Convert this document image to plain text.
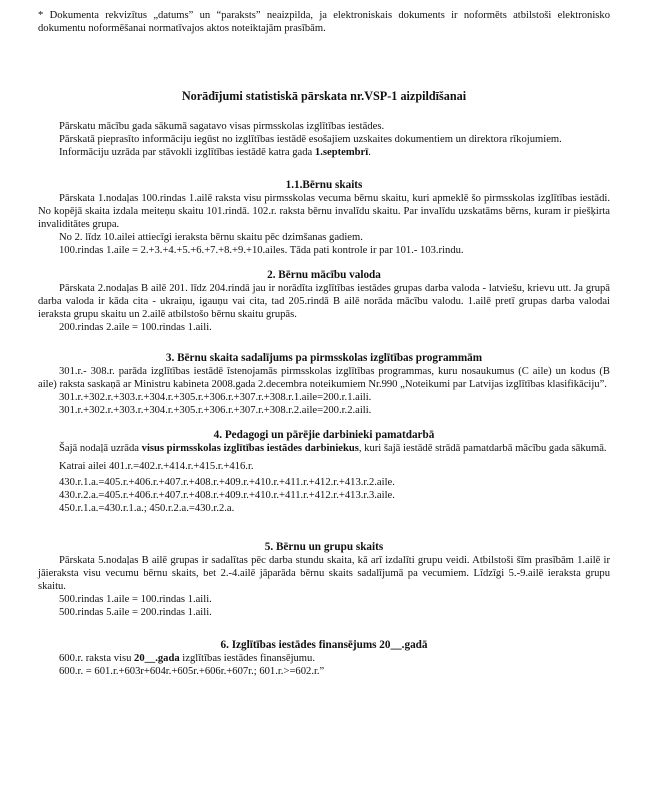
* Dokumenta rekvizītus „datums” un “paraksts” neaizpilda, ja elektroniskais dokuments ir noformēts atbilstoši elektronisko dokumentu noformēšanai normatīvajos aktos noteiktajām prasībām.

Norādījumi statistiskā pārskata nr.VSP-1 aizpildīšanai

Pārskatu mācību gada sākumā sagatavo visas pirmsskolas izglītības iestādes.

Pārskatā pieprasīto informāciju iegūst no izglītības iestādē esošajiem uzskaites dokumentiem un direktora rīkojumiem.

Informāciju uzrāda par stāvokli izglītības iestādē katra gada 1.septembrī.

1.1.Bērnu skaits

Pārskata 1.nodaļas 100.rindas 1.ailē raksta visu pirmsskolas vecuma bērnu skaitu, kuri apmeklē šo pirmsskolas izglītības iestādi. No kopējā skaita izdala meiteņu skaitu 101.rindā. 102.r. raksta bērnu invalīdu skaitu. Par invalīdu uzskatāms bērns, kuram ir piešķirta invaliditātes grupa.

No 2. līdz 10.ailei attiecīgi ieraksta bērnu skaitu pēc dzimšanas gadiem.

100.rindas 1.aile = 2.+3.+4.+5.+6.+7.+8.+9.+10.ailes. Tāda pati kontrole ir par 101.- 103.rindu.

2. Bērnu mācību valoda

Pārskata 2.nodaļas B ailē 201. līdz 204.rindā jau ir norādīta izglītības iestādes grupas darba valoda - latviešu, krievu utt. Ja grupā darba valoda ir kāda cita - ukraiņu, igauņu vai cita, tad 205.rindā B ailē norāda mācību valodu. 1.ailē pretī grupas darba valodai ieraksta grupu skaitu un 2.ailē atbilstošo bērnu skaitu grupās.

200.rindas 2.aile = 100.rindas 1.aili.

3. Bērnu skaita sadalījums pa pirmsskolas izglītības programmām

301.r.- 308.r. parāda izglītības iestādē īstenojamās pirmsskolas izglītības programmas, kuru nosaukumus (C aile) un kodus (B aile) raksta saskaņā ar Ministru kabineta 2008.gada 2.decembra noteikumiem Nr.990 „Noteikumi par Latvijas izglītības klasifikāciju”.

301.r.+302.r.+303.r.+304.r.+305.r.+306.r.+307.r.+308.r.1.aile=200.r.1.aili.

301.r.+302.r.+303.r.+304.r.+305.r.+306.r.+307.r.+308.r.2.aile=200.r.2.aili.

4. Pedagogi un pārējie darbinieki pamatdarbā

Šajā nodaļā uzrāda visus pirmsskolas izglītības iestādes darbiniekus, kuri šajā iestādē strādā pamatdarbā mācību gada sākumā.

Katrai ailei 401.r.=402.r.+414.r.+415.r.+416.r.

430.r.1.a.=405.r.+406.r.+407.r.+408.r.+409.r.+410.r.+411.r.+412.r.+413.r.2.aile.

430.r.2.a.=405.r.+406.r.+407.r.+408.r.+409.r.+410.r.+411.r.+412.r.+413.r.3.aile.

450.r.1.a.=430.r.1.a.; 450.r.2.a.=430.r.2.a.

5. Bērnu un grupu skaits

Pārskata 5.nodaļas B ailē grupas ir sadalītas pēc darba stundu skaita, kā arī izdalīti grupu veidi. Atbilstoši šīm prasībām 1.ailē ir jāieraksta visu vecumu bērnu skaits, bet 2.-4.ailē jāparāda bērnu skaits sadalījumā pa vecumiem. Līdzīgi 5.-9.ailē ieraksta grupu skaitu.

500.rindas 1.aile = 100.rindas 1.aili.

500.rindas 5.aile = 200.rindas 1.aili.

6. Izglītības iestādes finansējums 20__.gadā

600.r. raksta visu 20__.gada izglītības iestādes finansējumu.

600.r. = 601.r.+603r+604r.+605r.+606r.+607r.; 601.r.>=602.r.”
